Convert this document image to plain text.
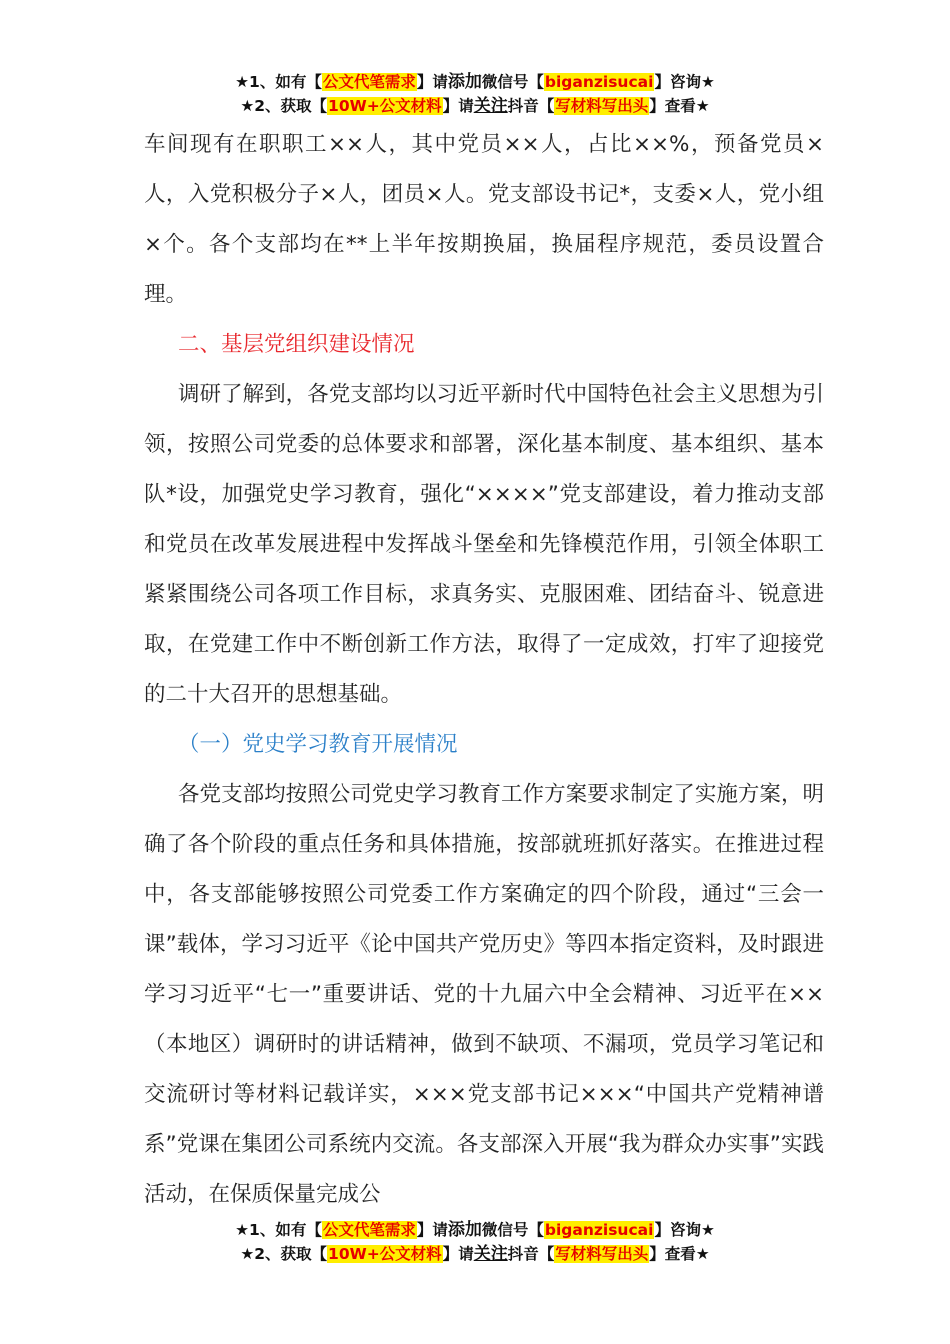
★1、如有【公文代笔需求】请添加微信号【biganzisucai】咨询★
★2、获取【10W+公文材料】请关注抖音【写材料写出头】查看★

车间现有在职职工××人，其中党员××人，占比××%，预备党员×人，入党积极分子×人，团员×人。党支部设书记*，支委×人，党小组×个。各个支部均在**上半年按期换届，换届程序规范，委员设置合理。

二、基层党组织建设情况

调研了解到，各党支部均以习近平新时代中国特色社会主义思想为引领，按照公司党委的总体要求和部署，深化基本制度、基本组织、基本队*设，加强党史学习教育，强化“××××”党支部建设，着力推动支部和党员在改革发展进程中发挥战斗堡垒和先锋模范作用，引领全体职工紧紧围绕公司各项工作目标，求真务实、克服困难、团结奋斗、锐意进取，在党建工作中不断创新工作方法，取得了一定成效，打牢了迎接党的二十大召开的思想基础。

（一）党史学习教育开展情况

各党支部均按照公司党史学习教育工作方案要求制定了实施方案，明确了各个阶段的重点任务和具体措施，按部就班抓好落实。在推进过程中，各支部能够按照公司党委工作方案确定的四个阶段，通过“三会一课”载体，学习习近平《论中国共产党历史》等四本指定资料，及时跟进学习习近平“七一”重要讲话、党的十九届六中全会精神、习近平在××（本地区）调研时的讲话精神，做到不缺项、不漏项，党员学习笔记和交流研讨等材料记载详实，×××党支部书记×××“中国共产党精神谱系”党课在集团公司系统内交流。各支部深入开展“我为群众办实事”实践活动，在保质保量完成公

★1、如有【公文代笔需求】请添加微信号【biganzisucai】咨询★
★2、获取【10W+公文材料】请关注抖音【写材料写出头】查看★
